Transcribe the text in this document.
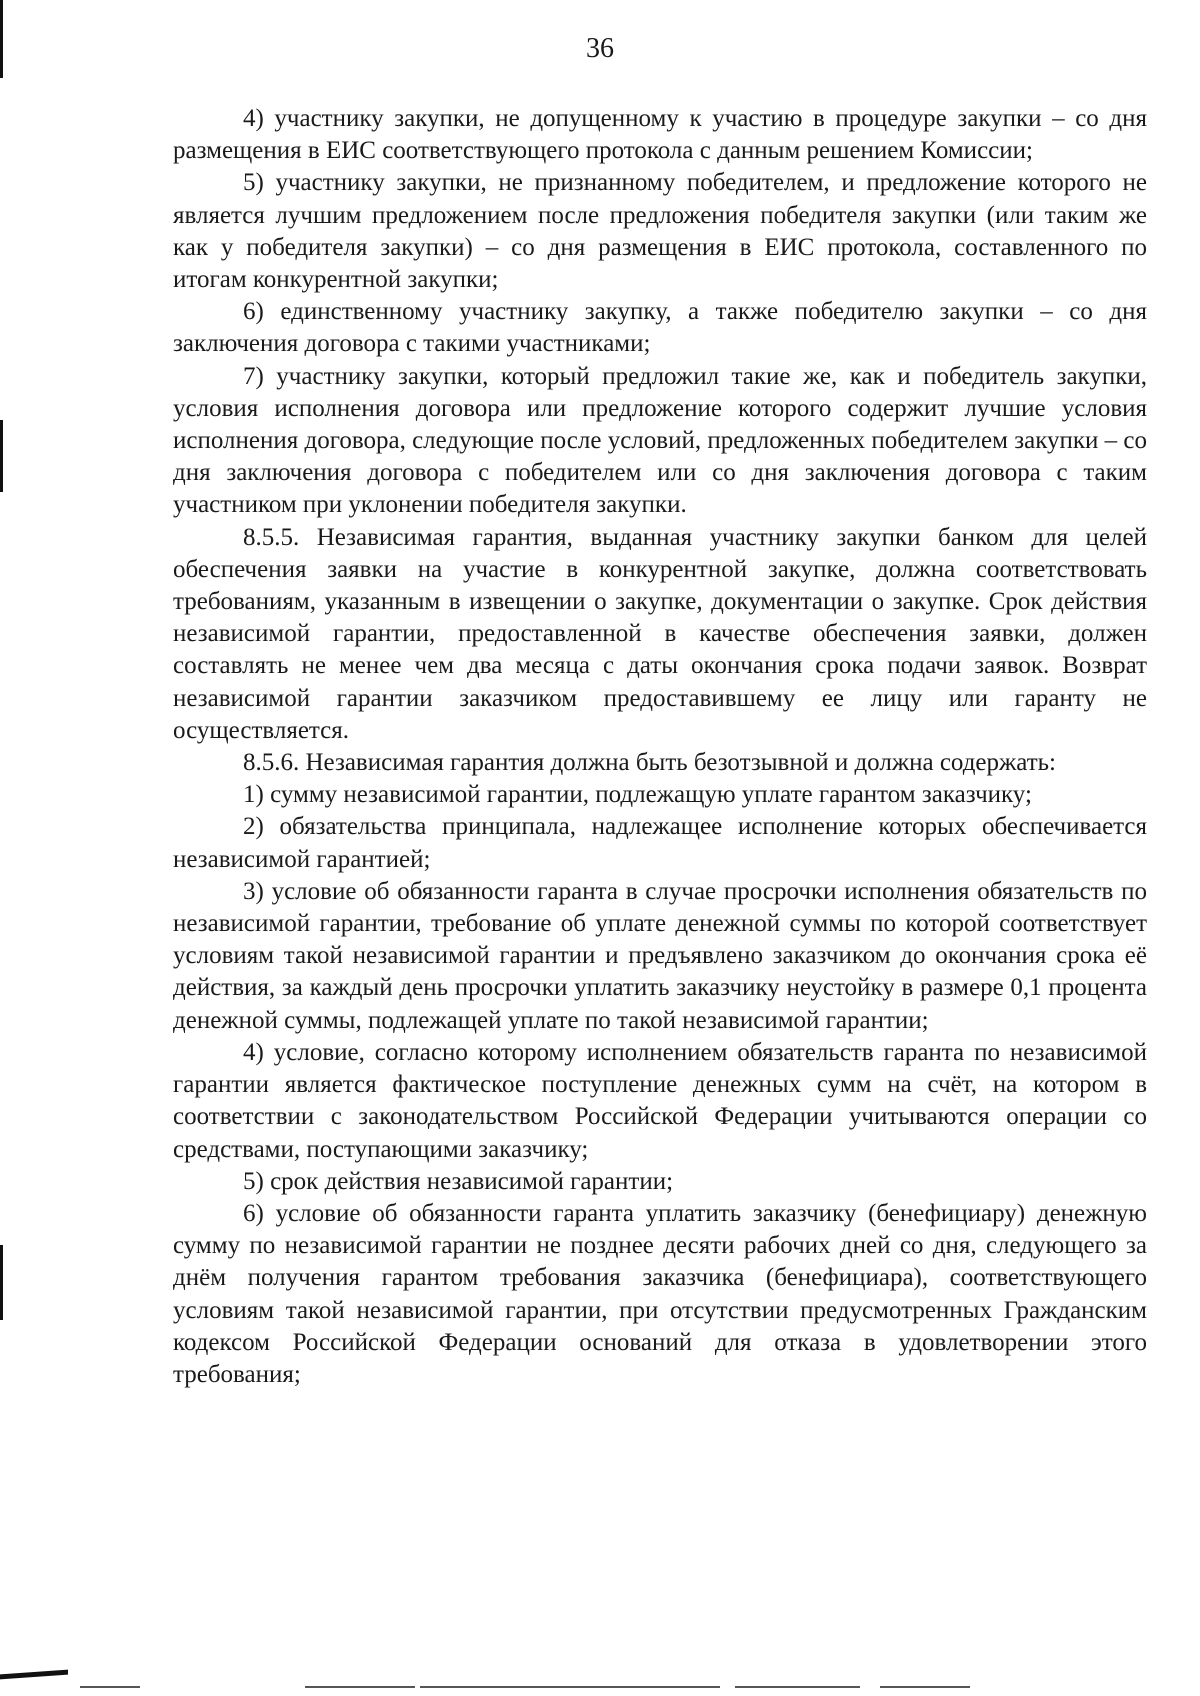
36

4) участнику закупки, не допущенному к участию в процедуре закупки – со дня размещения в ЕИС соответствующего протокола с данным решением Комиссии;

5) участнику закупки, не признанному победителем, и предложение которого не является лучшим предложением после предложения победителя закупки (или таким же как у победителя закупки) – со дня размещения в ЕИС протокола, составленного по итогам конкурентной закупки;

6) единственному участнику закупку, а также победителю закупки – со дня заключения договора с такими участниками;

7) участнику закупки, который предложил такие же, как и победитель закупки, условия исполнения договора или предложение которого содержит лучшие условия исполнения договора, следующие после условий, предложенных победителем закупки – со дня заключения договора с победителем или со дня заключения договора с таким участником при уклонении победителя закупки.

8.5.5. Независимая гарантия, выданная участнику закупки банком для целей обеспечения заявки на участие в конкурентной закупке, должна соответствовать требованиям, указанным в извещении о закупке, документации о закупке. Срок действия независимой гарантии, предоставленной в качестве обеспечения заявки, должен составлять не менее чем два месяца с даты окончания срока подачи заявок. Возврат независимой гарантии заказчиком предоставившему ее лицу или гаранту не осуществляется.

8.5.6. Независимая гарантия должна быть безотзывной и должна содержать:

1) сумму независимой гарантии, подлежащую уплате гарантом заказчику;

2) обязательства принципала, надлежащее исполнение которых обеспечивается независимой гарантией;

3) условие об обязанности гаранта в случае просрочки исполнения обязательств по независимой гарантии, требование об уплате денежной суммы по которой соответствует условиям такой независимой гарантии и предъявлено заказчиком до окончания срока её действия, за каждый день просрочки уплатить заказчику неустойку в размере 0,1 процента денежной суммы, подлежащей уплате по такой независимой гарантии;

4) условие, согласно которому исполнением обязательств гаранта по независимой гарантии является фактическое поступление денежных сумм на счёт, на котором в соответствии с законодательством Российской Федерации учитываются операции со средствами, поступающими заказчику;

5) срок действия независимой гарантии;

6) условие об обязанности гаранта уплатить заказчику (бенефициару) денежную сумму по независимой гарантии не позднее десяти рабочих дней со дня, следующего за днём получения гарантом требования заказчика (бенефициара), соответствующего условиям такой независимой гарантии, при отсутствии предусмотренных Гражданским кодексом Российской Федерации оснований для отказа в удовлетворении этого требования;
